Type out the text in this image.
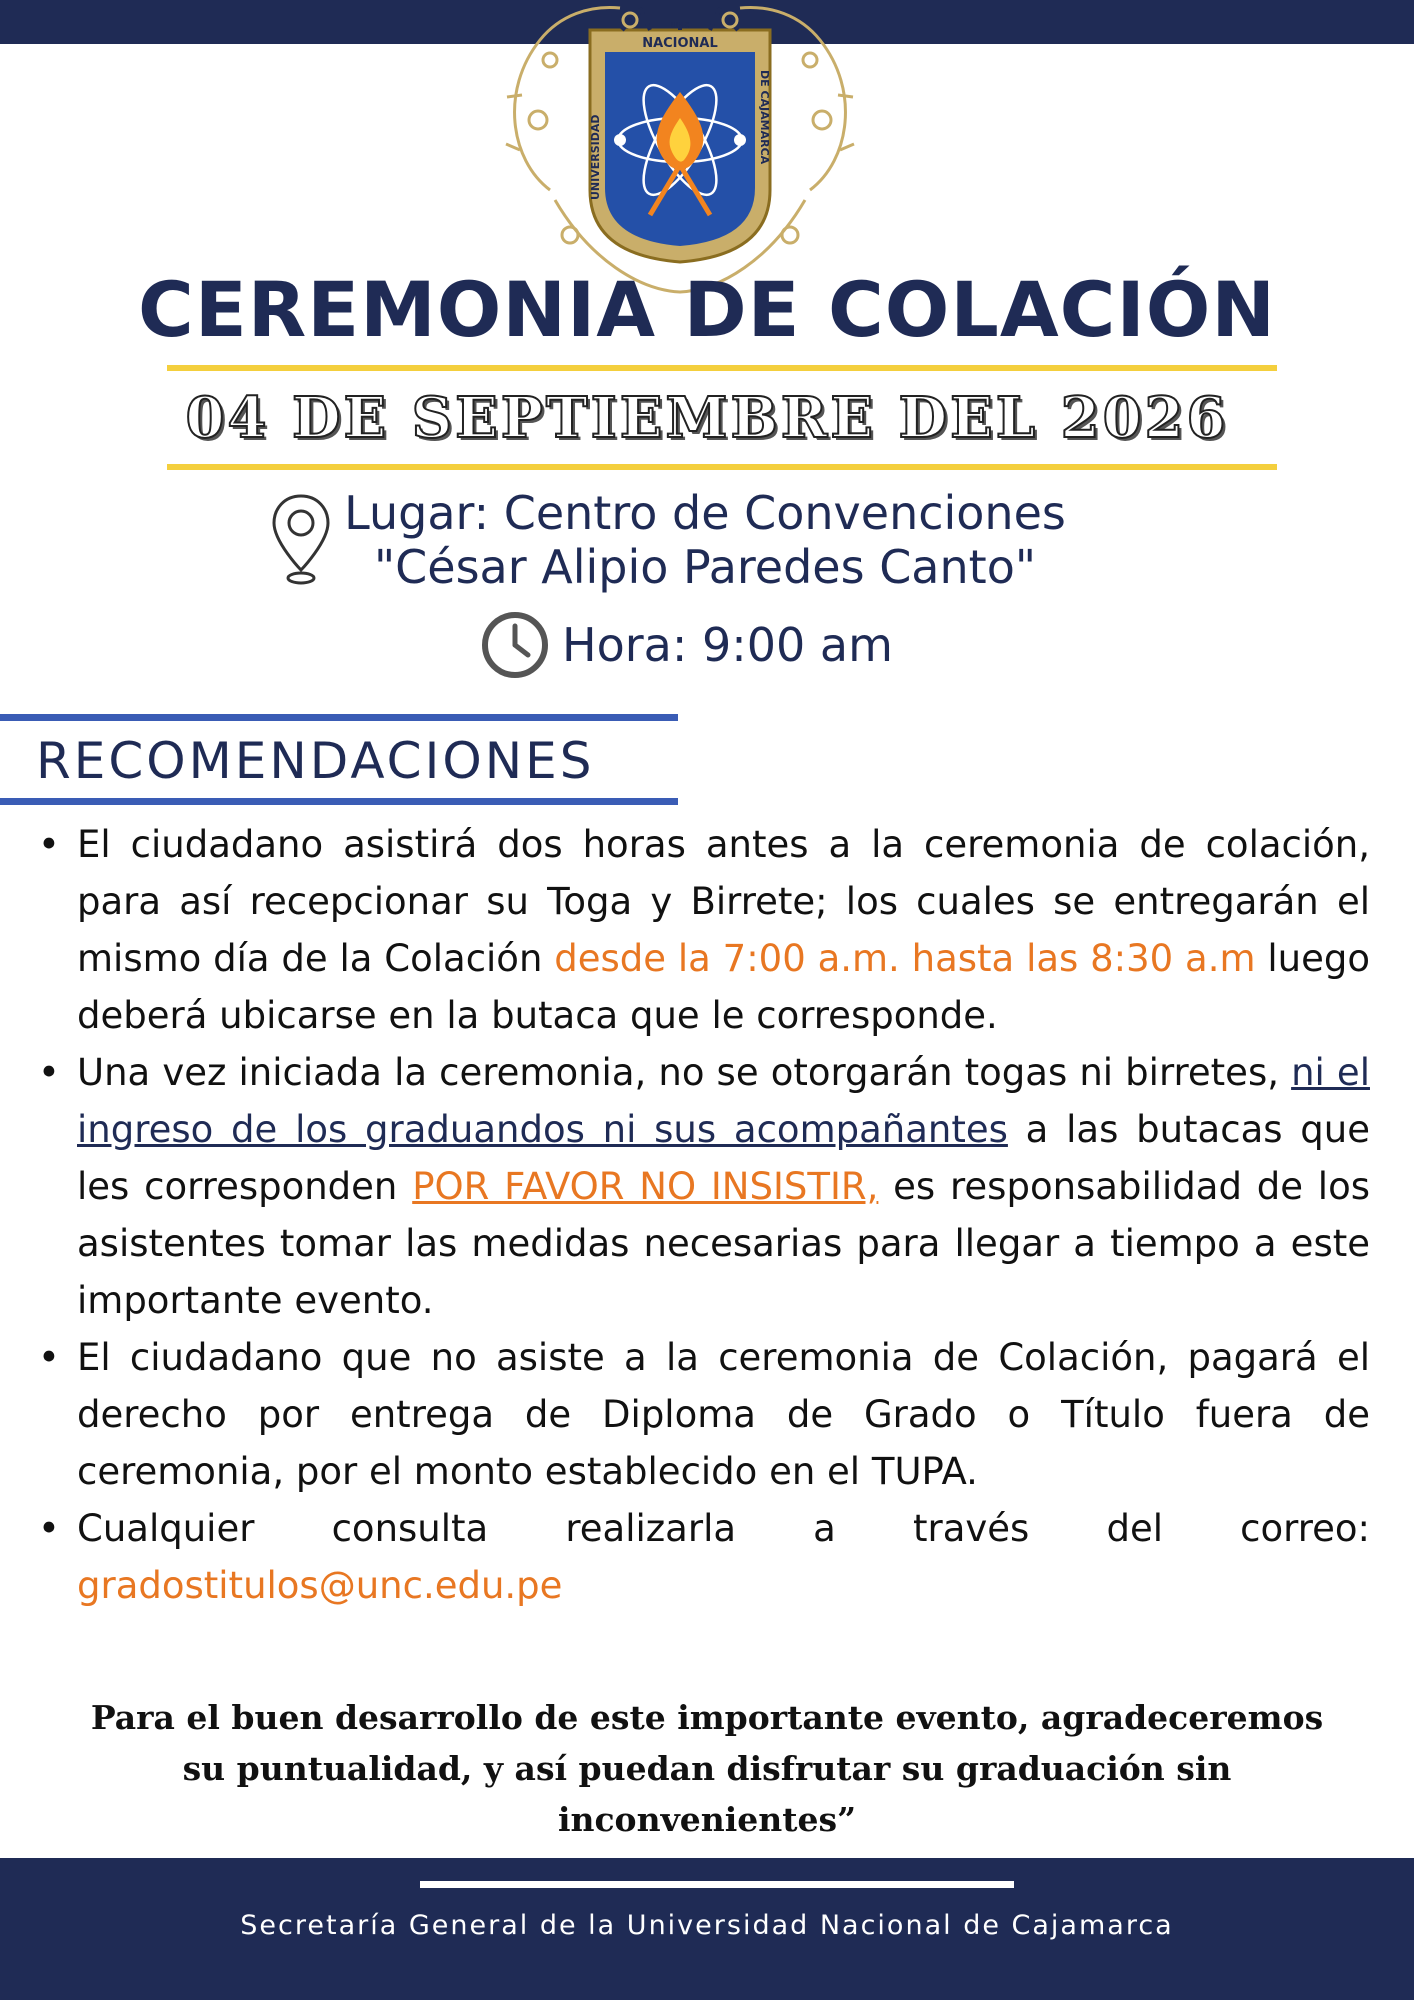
NACIONAL
UNC
UNIVERSIDAD	DE CAJAMARCA
CEREMONIA DE COLACIÓN
04 DE SEPTIEMBRE DEL 2026
Lugar: Centro de Convenciones
"César Alipio Paredes Canto"
Hora: 9:00 am
RECOMENDACIONES
• El ciudadano asistirá dos horas antes a la ceremonia de colación, para así recepcionar su Toga y Birrete; los cuales se entregarán el mismo día de la Colación desde la 7:00 a.m. hasta las 8:30 a.m luego deberá ubicarse en la butaca que le corresponde.
• Una vez iniciada la ceremonia, no se otorgarán togas ni birretes, ni el ingreso de los graduandos ni sus acompañantes a las butacas que les corresponden POR FAVOR NO INSISTIR, es responsabilidad de los asistentes tomar las medidas necesarias para llegar a tiempo a este importante evento.
• El ciudadano que no asiste a la ceremonia de Colación, pagará el derecho por entrega de Diploma de Grado o Título fuera de ceremonia, por el monto establecido en el TUPA.
• Cualquier consulta realizarla a través del correo: gradostitulos@unc.edu.pe
Para el buen desarrollo de este importante evento, agradeceremos su puntualidad, y así puedan disfrutar su graduación sin inconvenientes”
Secretaría General de la Universidad Nacional de Cajamarca
